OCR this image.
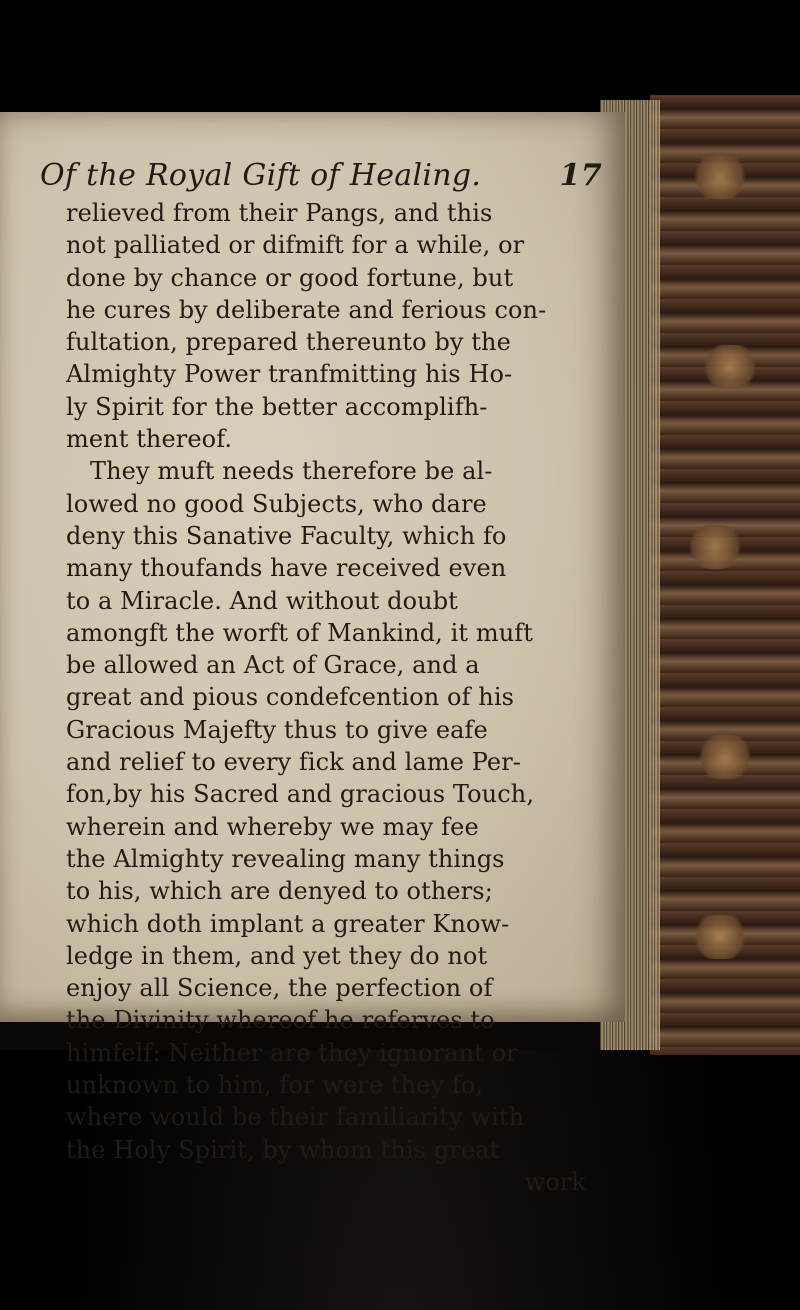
Of the Royal Gift of Healing.	17
relieved from their Pangs, and this
not palliated or difmift for a while, or
done by chance or good fortune, but
he cures by deliberate and ferious con-
fultation, prepared thereunto by the
Almighty Power tranfmitting his Ho-
ly Spirit for the better accomplifh-
ment thereof.
They muft needs therefore be al-
lowed no good Subjects, who dare
deny this Sanative Faculty, which fo
many thoufands have received even
to a Miracle. And without doubt
amongft the worft of Mankind, it muft
be allowed an Act of Grace, and a
great and pious condefcention of his
Gracious Majefty thus to give eafe
and relief to every fick and lame Per-
fon,by his Sacred and gracious Touch,
wherein and whereby we may fee
the Almighty revealing many things
to his, which are denyed to others;
which doth implant a greater Know-
ledge in them, and yet they do not
enjoy all Science, the perfection of
the Divinity whereof he referves to
himfelf: Neither are they ignorant or
unknown to him, for were they fo,
where would be their familiarity with
the Holy Spirit, by whom this great
work
